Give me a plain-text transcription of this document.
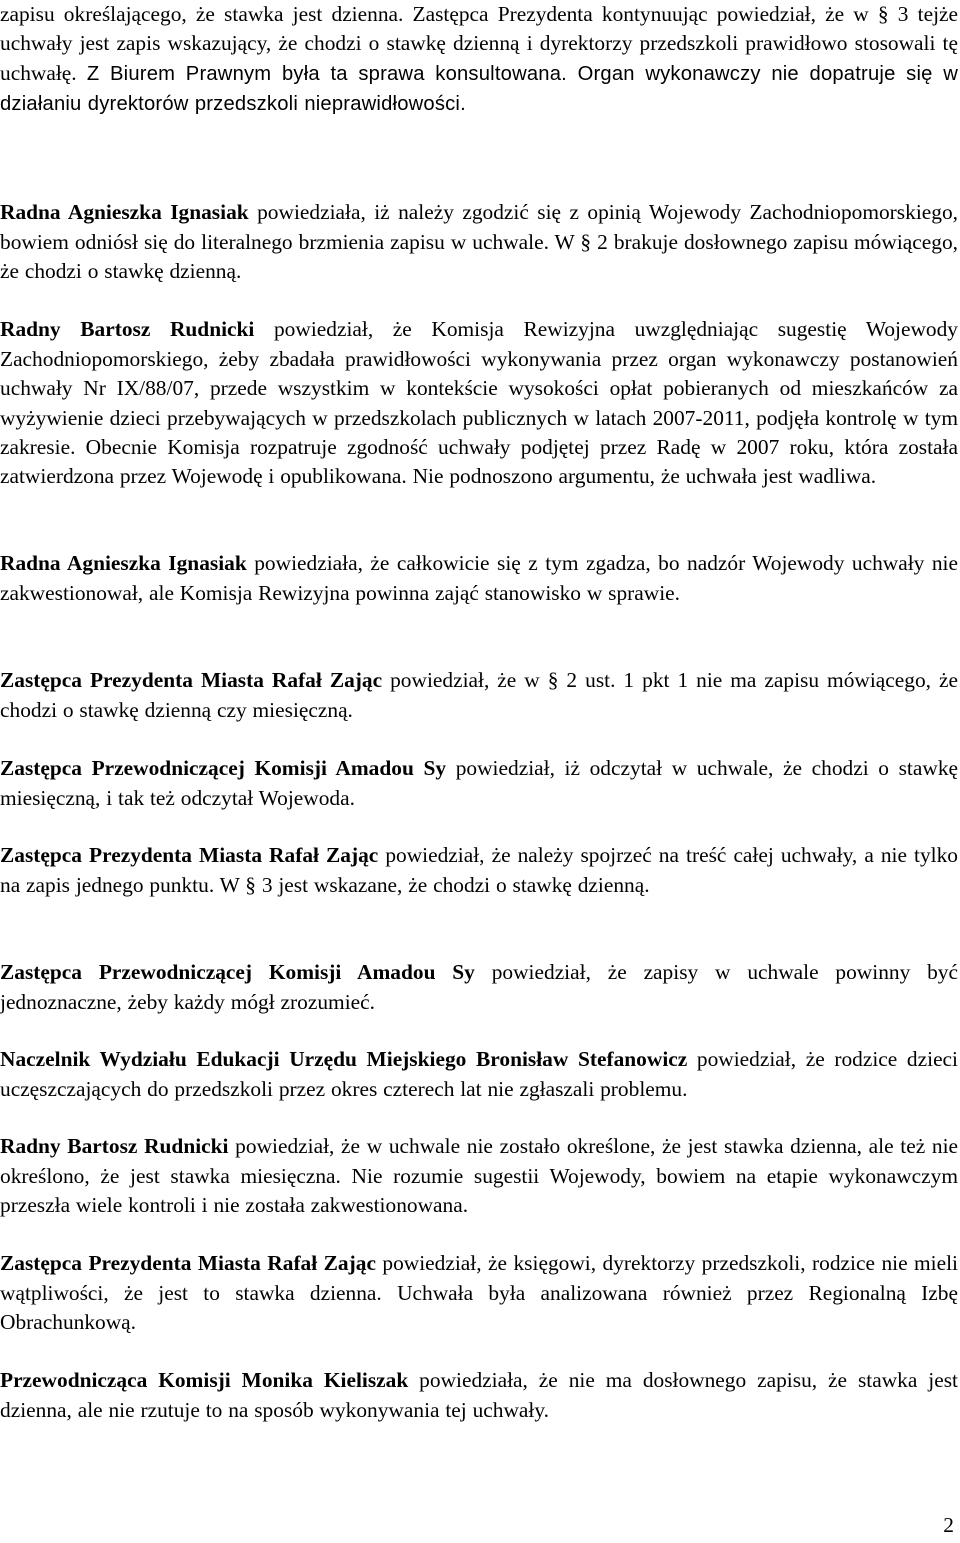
zapisu określającego, że stawka jest dzienna. Zastępca Prezydenta kontynuując powiedział, że w § 3 tejże uchwały jest zapis wskazujący, że chodzi o stawkę dzienną i dyrektorzy przedszkoli prawidłowo stosowali tę uchwałę. Z Biurem Prawnym była ta sprawa konsultowana. Organ wykonawczy nie dopatruje się w działaniu dyrektorów przedszkoli nieprawidłowości.

Radna Agnieszka Ignasiak powiedziała, iż należy zgodzić się z opinią Wojewody Zachodniopomorskiego, bowiem odniósł się do literalnego brzmienia zapisu w uchwale. W § 2 brakuje dosłownego zapisu mówiącego, że chodzi o stawkę dzienną.

Radny Bartosz Rudnicki powiedział, że Komisja Rewizyjna uwzględniając sugestię Wojewody Zachodniopomorskiego, żeby zbadała prawidłowości wykonywania przez organ wykonawczy postanowień uchwały Nr IX/88/07, przede wszystkim w kontekście wysokości opłat pobieranych od mieszkańców za wyżywienie dzieci przebywających w przedszkolach publicznych w latach 2007-2011, podjęła kontrolę w tym zakresie. Obecnie Komisja rozpatruje zgodność uchwały podjętej przez Radę w 2007 roku, która została zatwierdzona przez Wojewodę i opublikowana. Nie podnoszono argumentu, że uchwała jest wadliwa.

Radna Agnieszka Ignasiak powiedziała, że całkowicie się z tym zgadza, bo nadzór Wojewody uchwały nie zakwestionował, ale Komisja Rewizyjna powinna zająć stanowisko w sprawie.

Zastępca Prezydenta Miasta Rafał Zając powiedział, że w § 2 ust. 1 pkt 1 nie ma zapisu mówiącego, że chodzi o stawkę dzienną czy miesięczną.

Zastępca Przewodniczącej Komisji Amadou Sy powiedział, iż odczytał w uchwale, że chodzi o stawkę miesięczną, i tak też odczytał Wojewoda.

Zastępca Prezydenta Miasta Rafał Zając powiedział, że należy spojrzeć na treść całej uchwały, a nie tylko na zapis jednego punktu. W § 3 jest wskazane, że chodzi o stawkę dzienną.

Zastępca Przewodniczącej Komisji Amadou Sy powiedział, że zapisy w uchwale powinny być jednoznaczne, żeby każdy mógł zrozumieć.

Naczelnik Wydziału Edukacji Urzędu Miejskiego Bronisław Stefanowicz powiedział, że rodzice dzieci uczęszczających do przedszkoli przez okres czterech lat nie zgłaszali problemu.

Radny Bartosz Rudnicki powiedział, że w uchwale nie zostało określone, że jest stawka dzienna, ale też nie określono, że jest stawka miesięczna. Nie rozumie sugestii Wojewody, bowiem na etapie wykonawczym przeszła wiele kontroli i nie została zakwestionowana.

Zastępca Prezydenta Miasta Rafał Zając powiedział, że księgowi, dyrektorzy przedszkoli, rodzice nie mieli wątpliwości, że jest to stawka dzienna. Uchwała była analizowana również przez Regionalną Izbę Obrachunkową.

Przewodnicząca Komisji Monika Kieliszak powiedziała, że nie ma dosłownego zapisu, że stawka jest dzienna, ale nie rzutuje to na sposób wykonywania tej uchwały.

2
